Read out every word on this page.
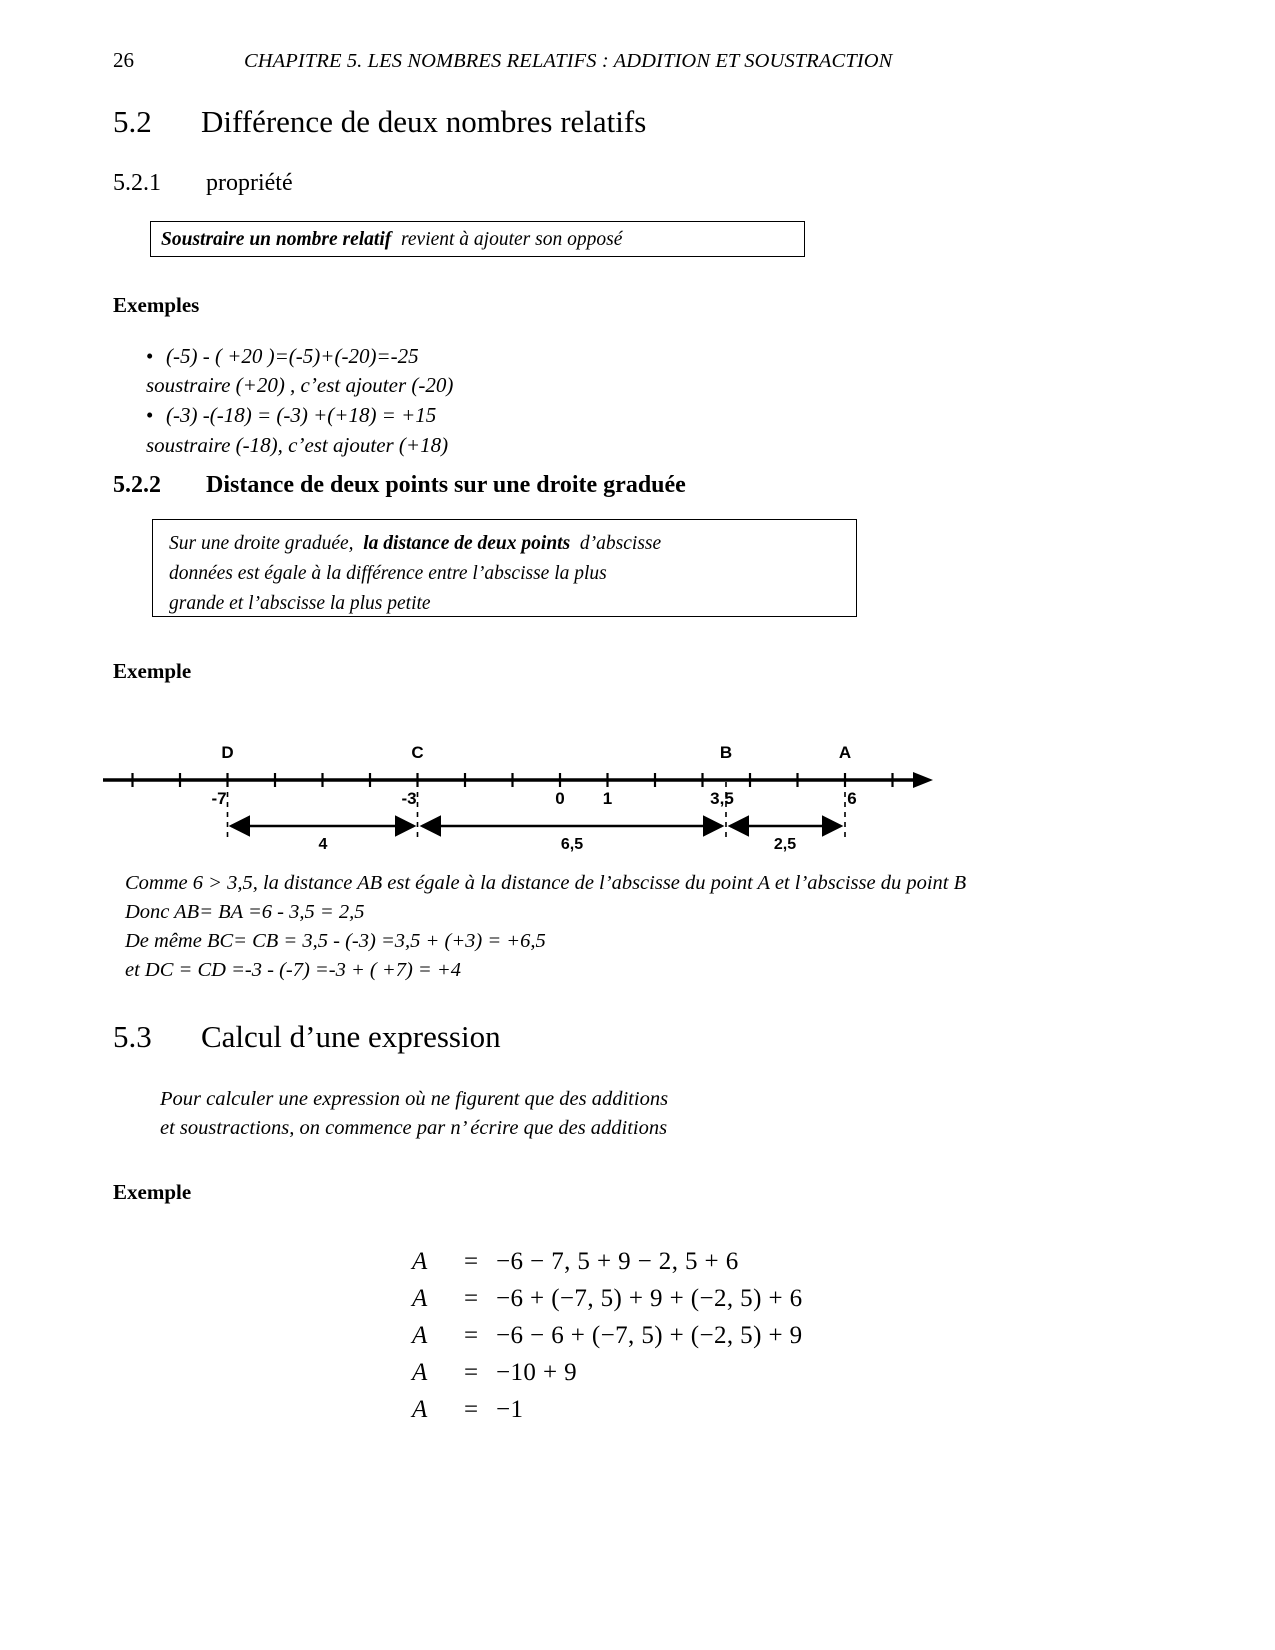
26	CHAPITRE 5. LES NOMBRES RELATIFS : ADDITION ET SOUSTRACTION
5.2 Différence de deux nombres relatifs
5.2.1 propriété
Soustraire un nombre relatif revient à ajouter son opposé
Exemples

• (-5) - ( +20 )=(-5)+(-20)=-25

soustraire (+20) , c’est ajouter (-20)

• (-3) -(-18) = (-3) +(+18) = +15

soustraire (-18), c’est ajouter (+18)

5.2.2 Distance de deux points sur une droite graduée
Sur une droite graduée, la distance de deux points d’abscisse
données est égale à la différence entre l’abscisse la plus
grande et l’abscisse la plus petite
Exemple
D	C	B	A
-7	-3	0 1	3,5	6
4	6,5	2,5
Comme 6 > 3,5, la distance AB est égale à la distance de l’abscisse du point A et l’abscisse du point B
Donc AB= BA =6 - 3,5 = 2,5
De même BC= CB = 3,5 - (-3) =3,5 + (+3) = +6,5
et DC = CD =-3 - (-7) =-3 + ( +7) = +4
5.3 Calcul d’une expression
Pour calculer une expression où ne figurent que des additions
et soustractions, on commence par n’ écrire que des additions
Exemple
A	= −6 − 7, 5 + 9 − 2, 5 + 6
A	= −6 + (−7, 5) + 9 + (−2, 5) + 6
A	= −6 − 6 + (−7, 5) + (−2, 5) + 9
A	= −10 + 9
A	= −1
